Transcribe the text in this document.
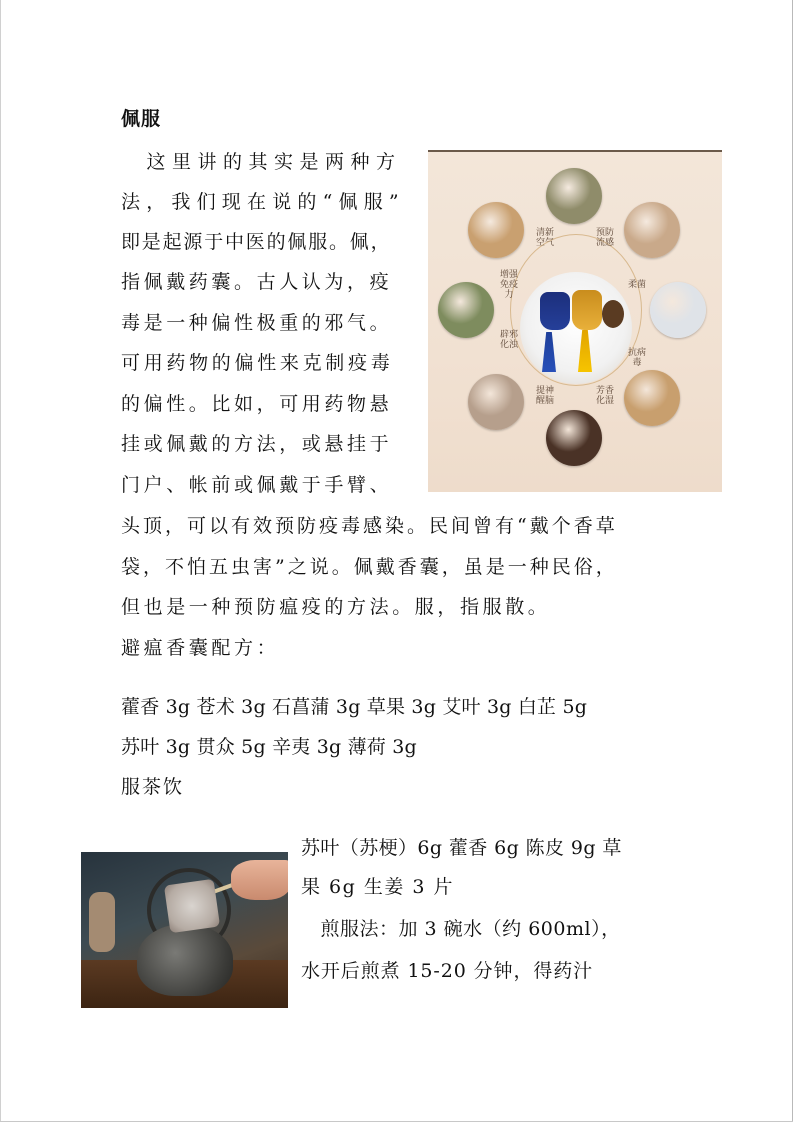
佩服
　这里讲的其实是两种方
法，我们现在说的“佩服”
即是起源于中医的佩服。佩，
指佩戴药囊。古人认为，疫
毒是一种偏性极重的邪气。
可用药物的偏性来克制疫毒
的偏性。比如，可用药物悬
挂或佩戴的方法，或悬挂于
门户、帐前或佩戴于手臂、
头顶，可以有效预防疫毒感染。民间曾有“戴个香草
袋，不怕五虫害”之说。佩戴香囊，虽是一种民俗，
但也是一种预防瘟疫的方法。服，指服散。
避瘟香囊配方：
藿香 3g 苍术 3g 石菖蒲 3g 草果 3g 艾叶 3g 白芷 5g
苏叶 3g 贯众 5g 辛夷 3g 薄荷 3g
服茶饮
苏叶（苏梗）6g 藿香 6g 陈皮 9g 草
果 6g 生姜 3 片
　煎服法：加 3 碗水（约 600ml），
水开后煎煮 15-20 分钟，得药汁
清新空气
预防流感
柔菌
抗病毒
芳香化湿
提神醒脑
辟邪化浊
增强免疫力
